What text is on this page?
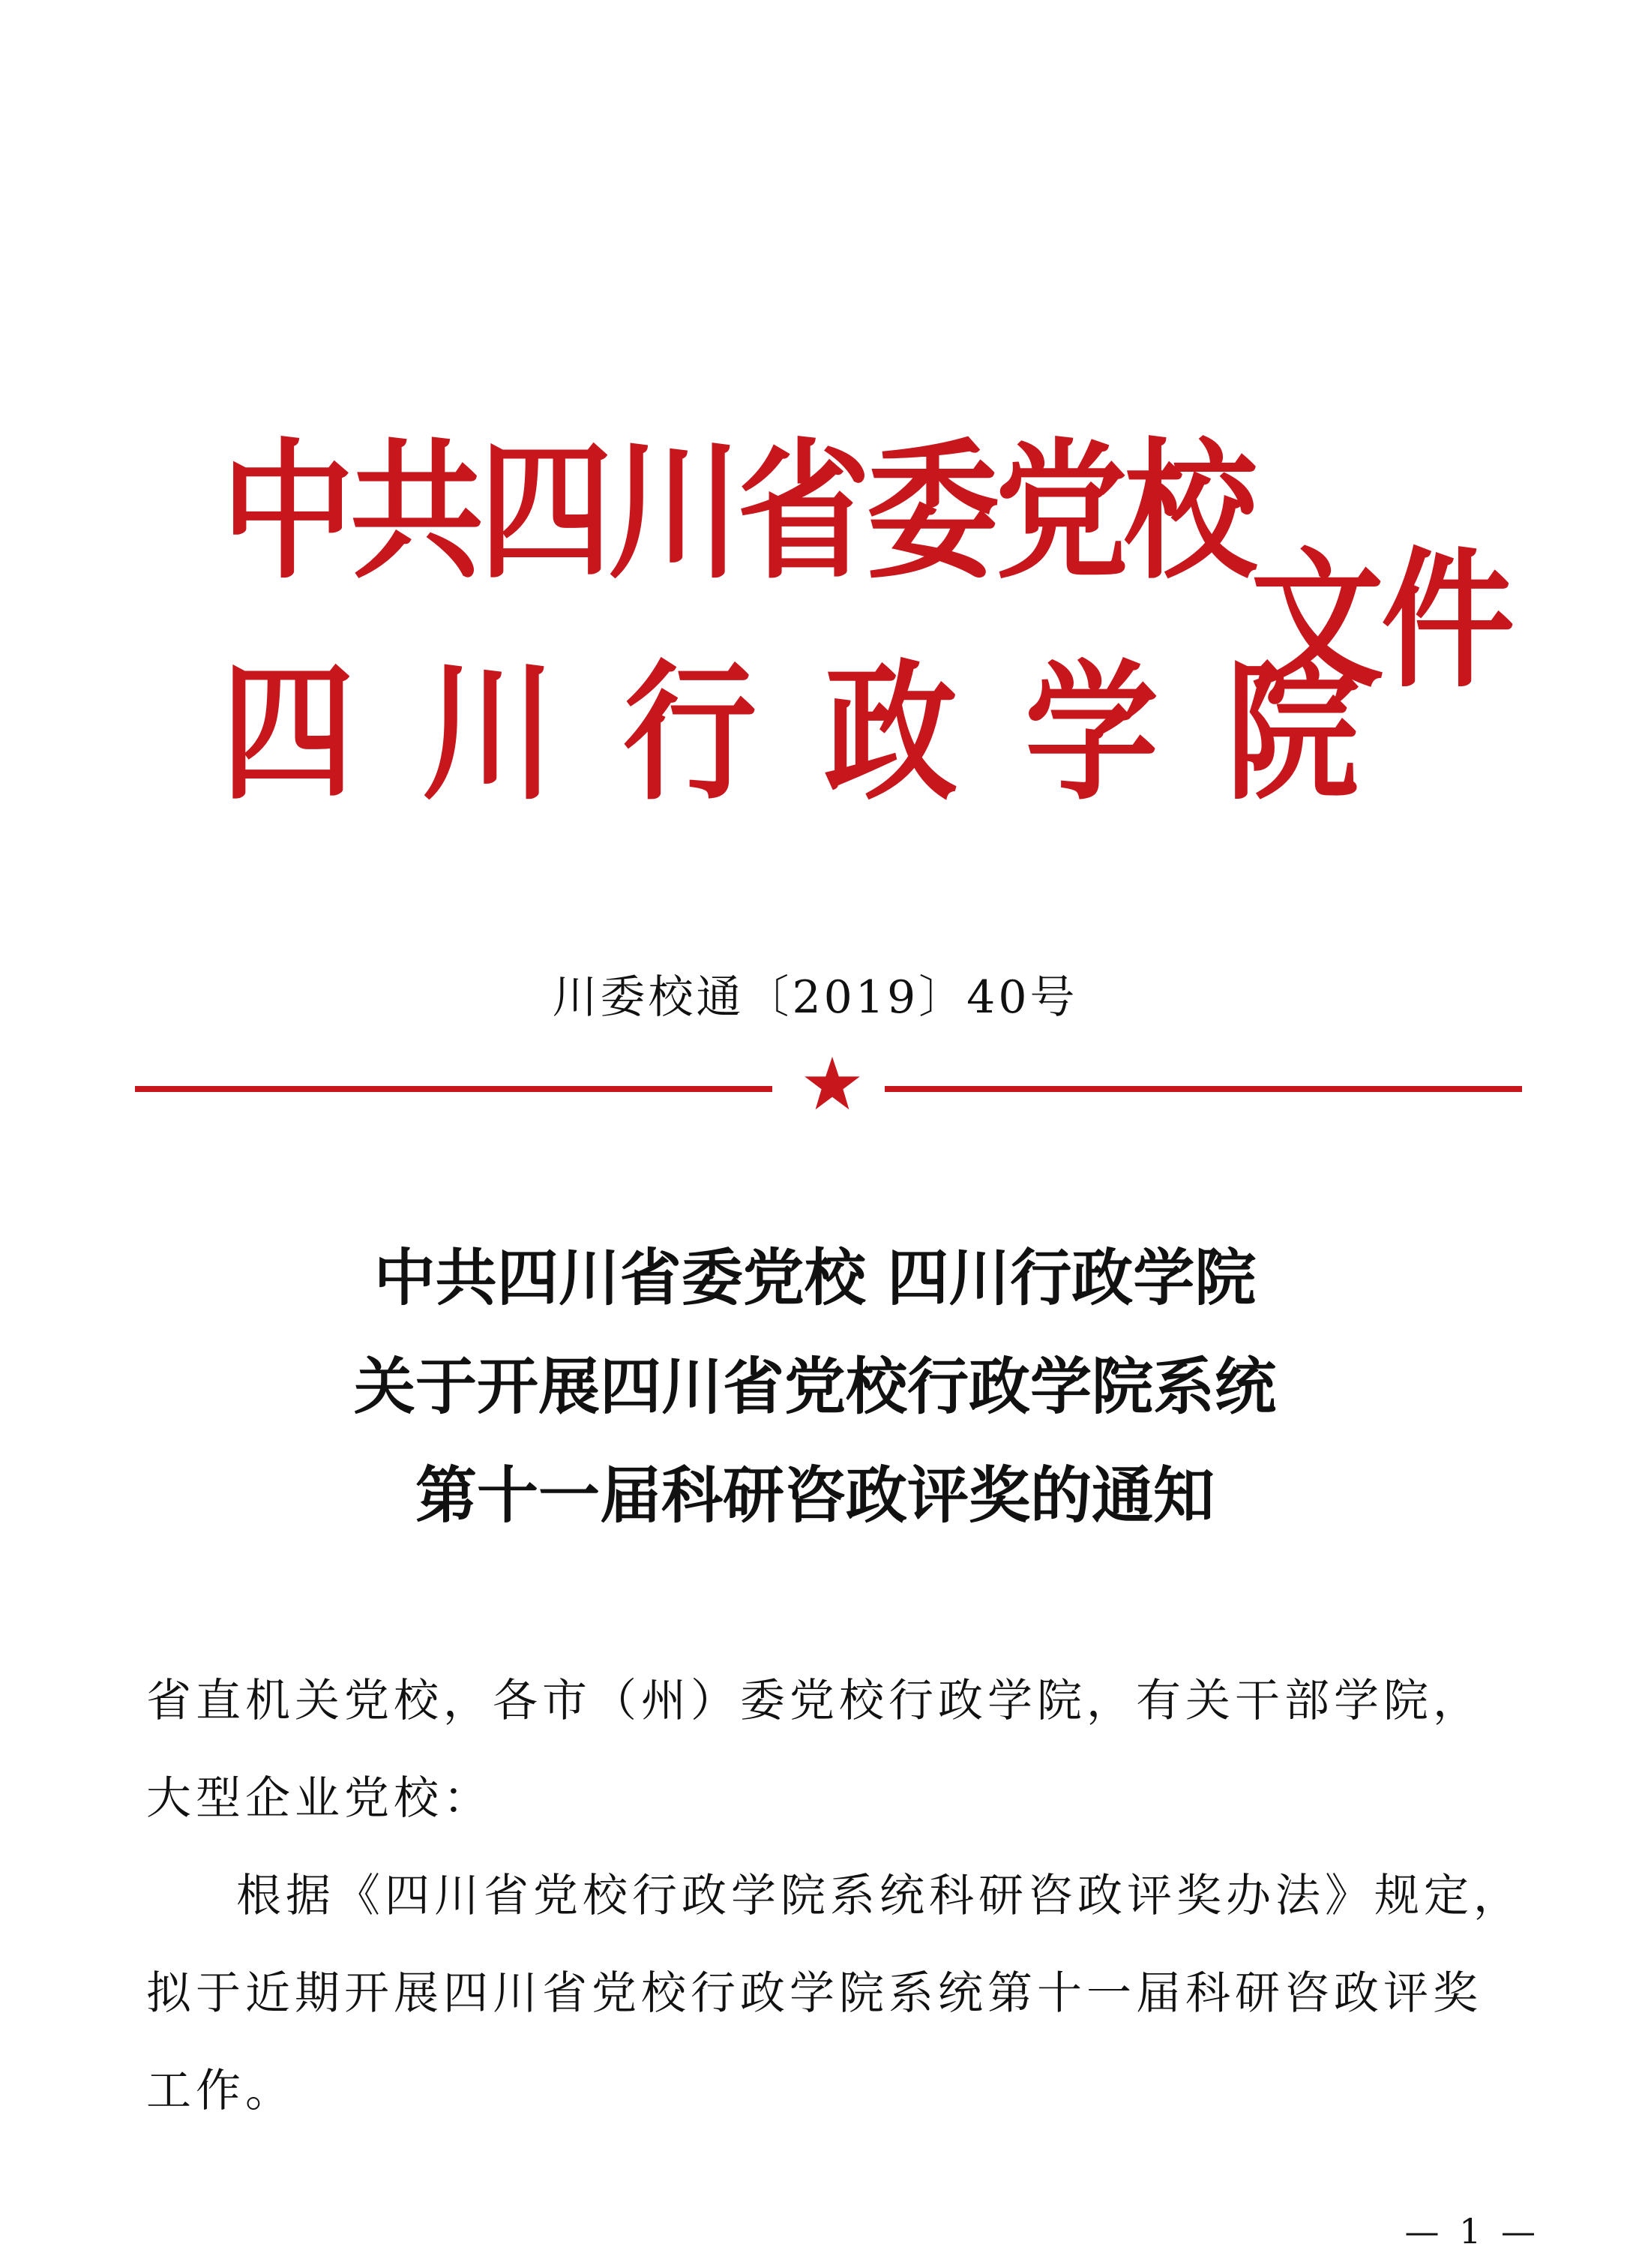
中共四川省委党校
四川行政学院
文件
川委校通〔2019〕40号
中共四川省委党校 四川行政学院
关于开展四川省党校行政学院系统
第十一届科研咨政评奖的通知
省直机关党校，各市（州）委党校行政学院，有关干部学院，
大型企业党校：
根据《四川省党校行政学院系统科研咨政评奖办法》规定，
拟于近期开展四川省党校行政学院系统第十一届科研咨政评奖
工作。
— 1 —
